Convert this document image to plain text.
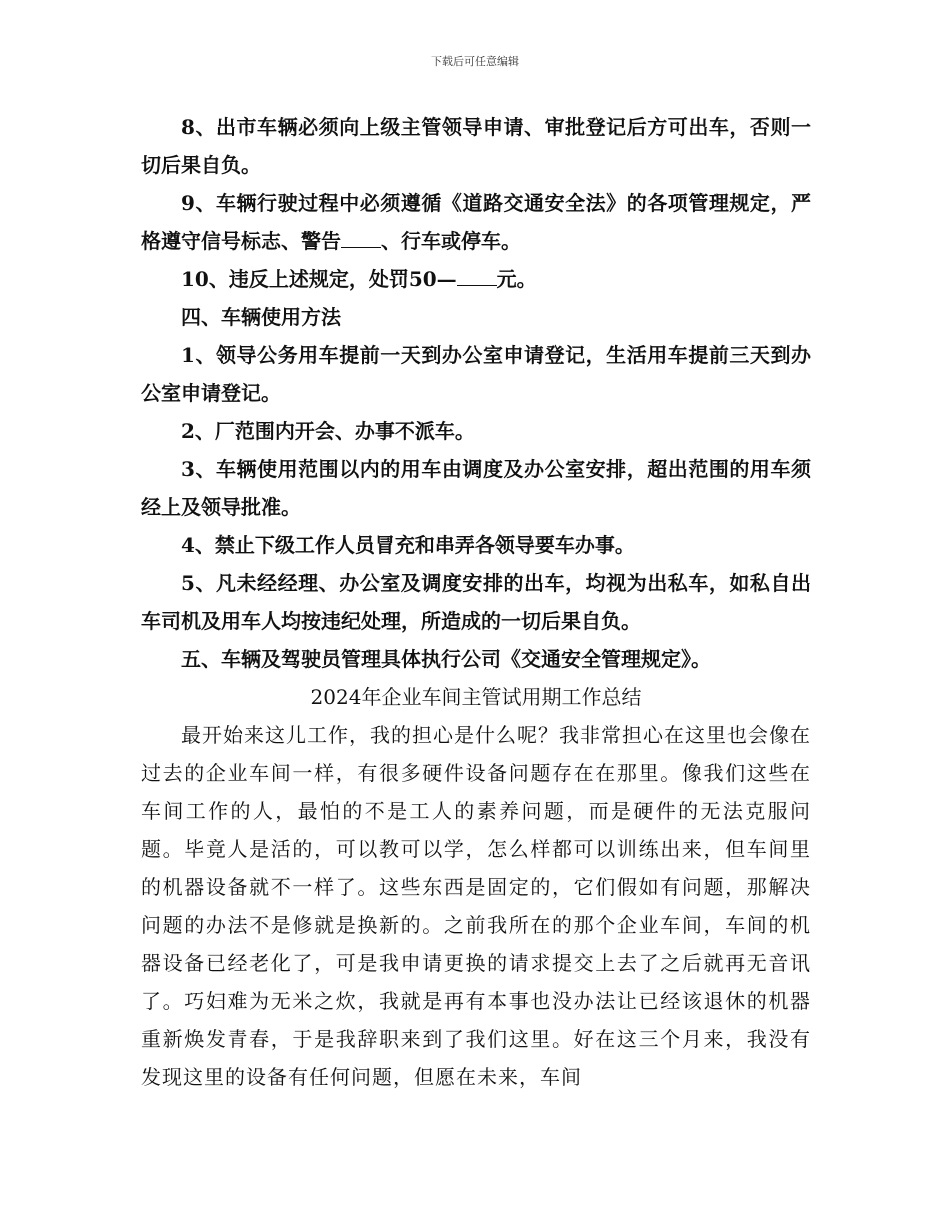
下载后可任意编辑

8、出市车辆必须向上级主管领导申请、审批登记后方可出车，否则一切后果自负。

9、车辆行驶过程中必须遵循《道路交通安全法》的各项管理规定，严格遵守信号标志、警告 、行车或停车。

10、违反上述规定，处罚50— 元。

四、车辆使用方法

1、领导公务用车提前一天到办公室申请登记，生活用车提前三天到办公室申请登记。

2、厂范围内开会、办事不派车。

3、车辆使用范围以内的用车由调度及办公室安排，超出范围的用车须经上及领导批准。

4、禁止下级工作人员冒充和串弄各领导要车办事。

5、凡未经经理、办公室及调度安排的出车，均视为出私车，如私自出车司机及用车人均按违纪处理，所造成的一切后果自负。

五、车辆及驾驶员管理具体执行公司《交通安全管理规定》。

2024年企业车间主管试用期工作总结

最开始来这儿工作，我的担心是什么呢？我非常担心在这里也会像在过去的企业车间一样，有很多硬件设备问题存在在那里。像我们这些在车间工作的人，最怕的不是工人的素养问题，而是硬件的无法克服问题。毕竟人是活的，可以教可以学，怎么样都可以训练出来，但车间里的机器设备就不一样了。这些东西是固定的，它们假如有问题，那解决问题的办法不是修就是换新的。之前我所在的那个企业车间，车间的机器设备已经老化了，可是我申请更换的请求提交上去了之后就再无音讯了。巧妇难为无米之炊，我就是再有本事也没办法让已经该退休的机器重新焕发青春，于是我辞职来到了我们这里。好在这三个月来，我没有发现这里的设备有任何问题，但愿在未来，车间
